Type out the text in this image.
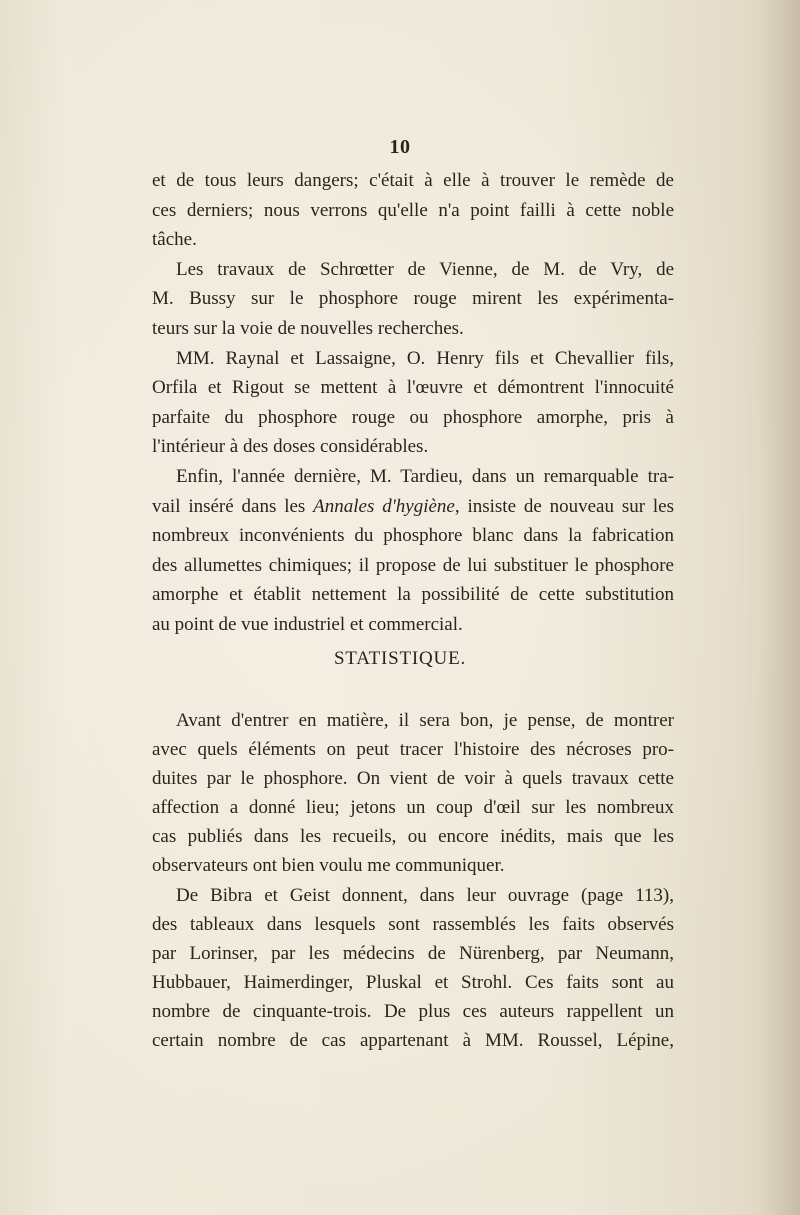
10
et de tous leurs dangers; c'était à elle à trouver le remède de
ces derniers; nous verrons qu'elle n'a point failli à cette noble
tâche.
Les travaux de Schrœtter de Vienne, de M. de Vry, de
M. Bussy sur le phosphore rouge mirent les expérimenta-
teurs sur la voie de nouvelles recherches.
MM. Raynal et Lassaigne, O. Henry fils et Chevallier fils,
Orfila et Rigout se mettent à l'œuvre et démontrent l'innocuité
parfaite du phosphore rouge ou phosphore amorphe, pris à
l'intérieur à des doses considérables.
Enfin, l'année dernière, M. Tardieu, dans un remarquable tra-
vail inséré dans les Annales d'hygiène, insiste de nouveau sur les
nombreux inconvénients du phosphore blanc dans la fabrication
des allumettes chimiques; il propose de lui substituer le phosphore
amorphe et établit nettement la possibilité de cette substitution
au point de vue industriel et commercial.
STATISTIQUE.
Avant d'entrer en matière, il sera bon, je pense, de montrer
avec quels éléments on peut tracer l'histoire des nécroses pro-
duites par le phosphore. On vient de voir à quels travaux cette
affection a donné lieu; jetons un coup d'œil sur les nombreux
cas publiés dans les recueils, ou encore inédits, mais que les
observateurs ont bien voulu me communiquer.
De Bibra et Geist donnent, dans leur ouvrage (page 113),
des tableaux dans lesquels sont rassemblés les faits observés
par Lorinser, par les médecins de Nürenberg, par Neumann,
Hubbauer, Haimerdinger, Pluskal et Strohl. Ces faits sont au
nombre de cinquante-trois. De plus ces auteurs rappellent un
certain nombre de cas appartenant à MM. Roussel, Lépine,
